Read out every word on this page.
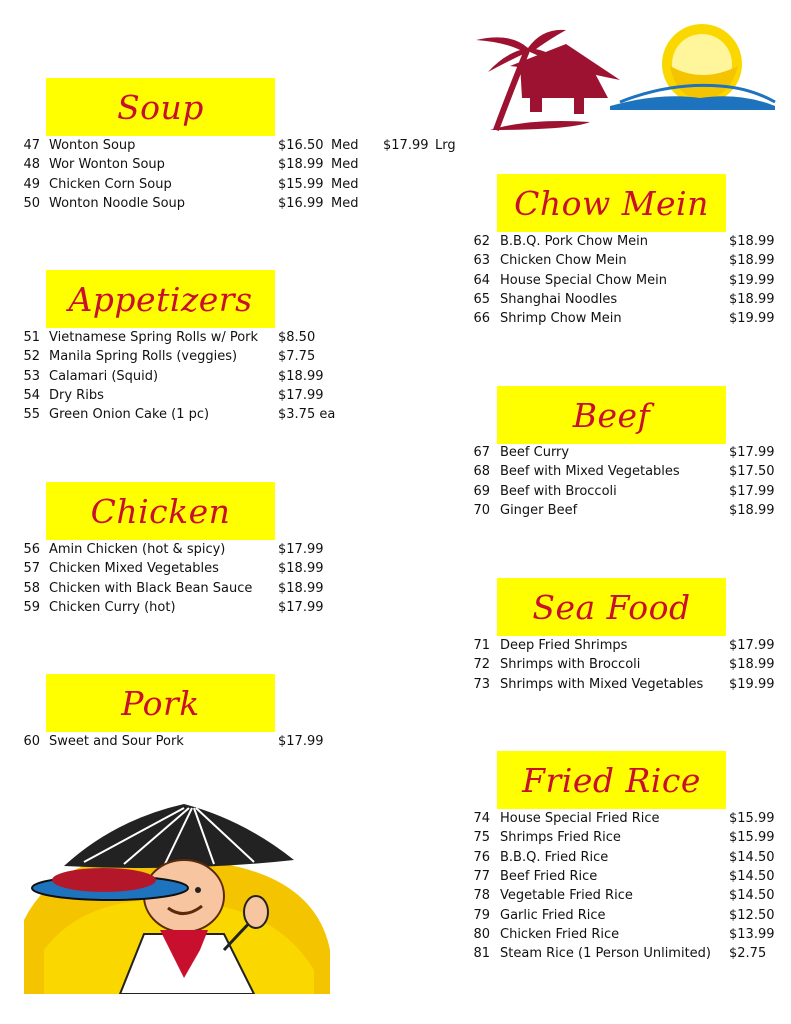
Soup
47 Wonton Soup	$16.50 Med $17.99 Lrg
48 Wor Wonton Soup	$18.99 Med
49 Chicken Corn Soup	$15.99 Med
50 Wonton Noodle Soup	$16.99 Med
Appetizers
51 Vietnamese Spring Rolls w/ Pork $8.50
52 Manila Spring Rolls (veggies)	$7.75
53 Calamari (Squid)	$18.99
54 Dry Ribs	$17.99
55 Green Onion Cake (1 pc)	$3.75 ea
Chicken
56 Amin Chicken (hot & spicy)	$17.99
57 Chicken Mixed Vegetables	$18.99
58 Chicken with Black Bean Sauce $18.99
59 Chicken Curry (hot)	$17.99
Pork
60 Sweet and Sour Pork	$17.99
Chow Mein
62 B.B.Q. Pork Chow Mein	$18.99
63 Chicken Chow Mein	$18.99
64 House Special Chow Mein	$19.99
65 Shanghai Noodles	$18.99
66 Shrimp Chow Mein	$19.99
Beef
67 Beef Curry	$17.99
68 Beef with Mixed Vegetables	$17.50
69 Beef with Broccoli	$17.99
70 Ginger Beef	$18.99
Sea Food
71 Deep Fried Shrimps	$17.99
72 Shrimps with Broccoli	$18.99
73 Shrimps with Mixed Vegetables $19.99
Fried Rice
74 House Special Fried Rice	$15.99
75 Shrimps Fried Rice	$15.99
76 B.B.Q. Fried Rice	$14.50
77 Beef Fried Rice	$14.50
78 Vegetable Fried Rice	$14.50
79 Garlic Fried Rice	$12.50
80 Chicken Fried Rice	$13.99
81 Steam Rice (1 Person Unlimited) $2.75
